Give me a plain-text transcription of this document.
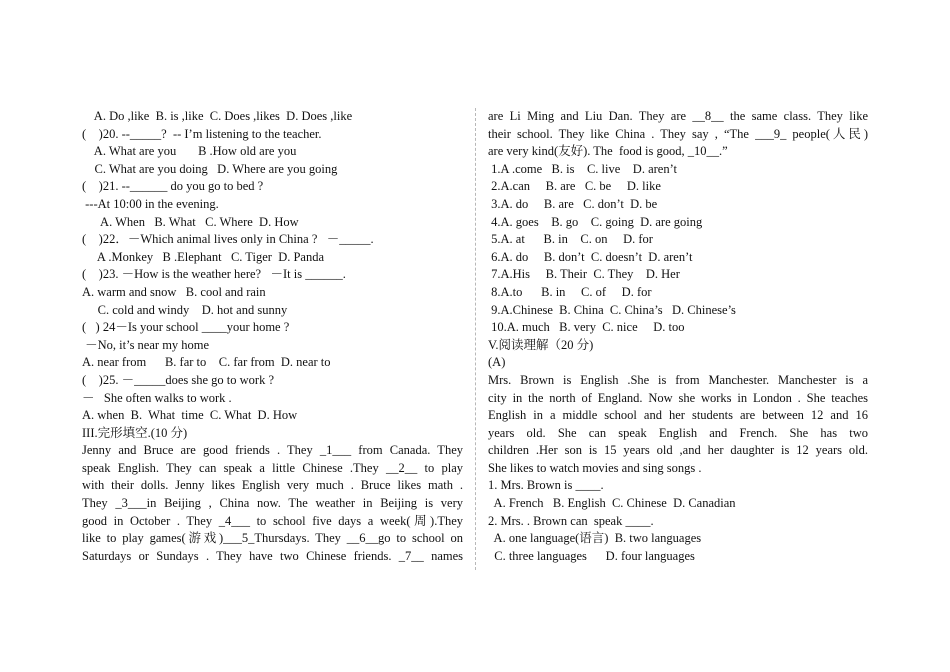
A. Do ,like  B. is ,like  C. Does ,likes  D. Does ,like
(    )20. --_____?  -- I’m listening to the teacher.
A. What are you       B .How old are you
C. What are you doing   D. Where are you going
(    )21. --______ do you go to bed ?
---At 10:00 in the evening.
A. When   B. What   C. Where  D. How
(    )22．－Which animal lives only in China ?   －_____.
A .Monkey   B .Elephant   C. Tiger  D. Panda
(    )23. －How is the weather here?   －It is ______.
A. warm and snow   B. cool and rain
C. cold and windy    D. hot and sunny
(   ) 24－Is your school ____your home ?
－No, it’s near my home
A. near from      B. far to    C. far from  D. near to
(    )25. －_____does she go to work ?
－   She often walks to work .
A. when  B.  What  time  C. What  D. How
III.完形填空.(10 分)
Jenny and Bruce are good friends . They _1___ from Canada. They
speak English. They can speak a little Chinese .They __2__ to play
with their dolls. Jenny likes English very much . Bruce likes math .
They _3___in Beijing , China now. The weather in Beijing is very
good in October . They _4___ to school five days a week(周).They
like to play games(游戏)___5_Thursdays. They __6__go to school on
Saturdays or Sundays . They have two Chinese friends. _7__ names
are Li Ming and Liu Dan. They are __8__ the same class. They like
their school. They like China . They say , “The ___9_ people(人民)
are very kind(友好). The  food is good, _10__.”
1.A .come   B. is    C. live    D. aren’t
2.A.can     B. are   C. be     D. like
3.A. do     B. are   C. don’t  D. be
4.A. goes    B. go    C. going  D. are going
5.A. at      B. in    C. on     D. for
6.A. do     B. don’t  C. doesn’t  D. aren’t
7.A.His     B. Their  C. They    D. Her
8.A.to      B. in     C. of     D. for
9.A.Chinese  B. China  C. China’s   D. Chinese’s
10.A. much   B. very  C. nice     D. too
V.阅读理解（20 分)
(A)
Mrs. Brown is English .She is from Manchester. Manchester is a
city in the north of England. Now she works in London . She teaches
English in a middle school and her students are between 12 and 16
years old. She can speak English and French. She has two
children .Her son is 15 years old ,and her daughter is 12 years old.
She likes to watch movies and sing songs .
1. Mrs. Brown is ____.
A. French   B. English  C. Chinese  D. Canadian
2. Mrs. . Brown can  speak ____.
A. one language(语言)  B. two languages
C. three languages      D. four languages
